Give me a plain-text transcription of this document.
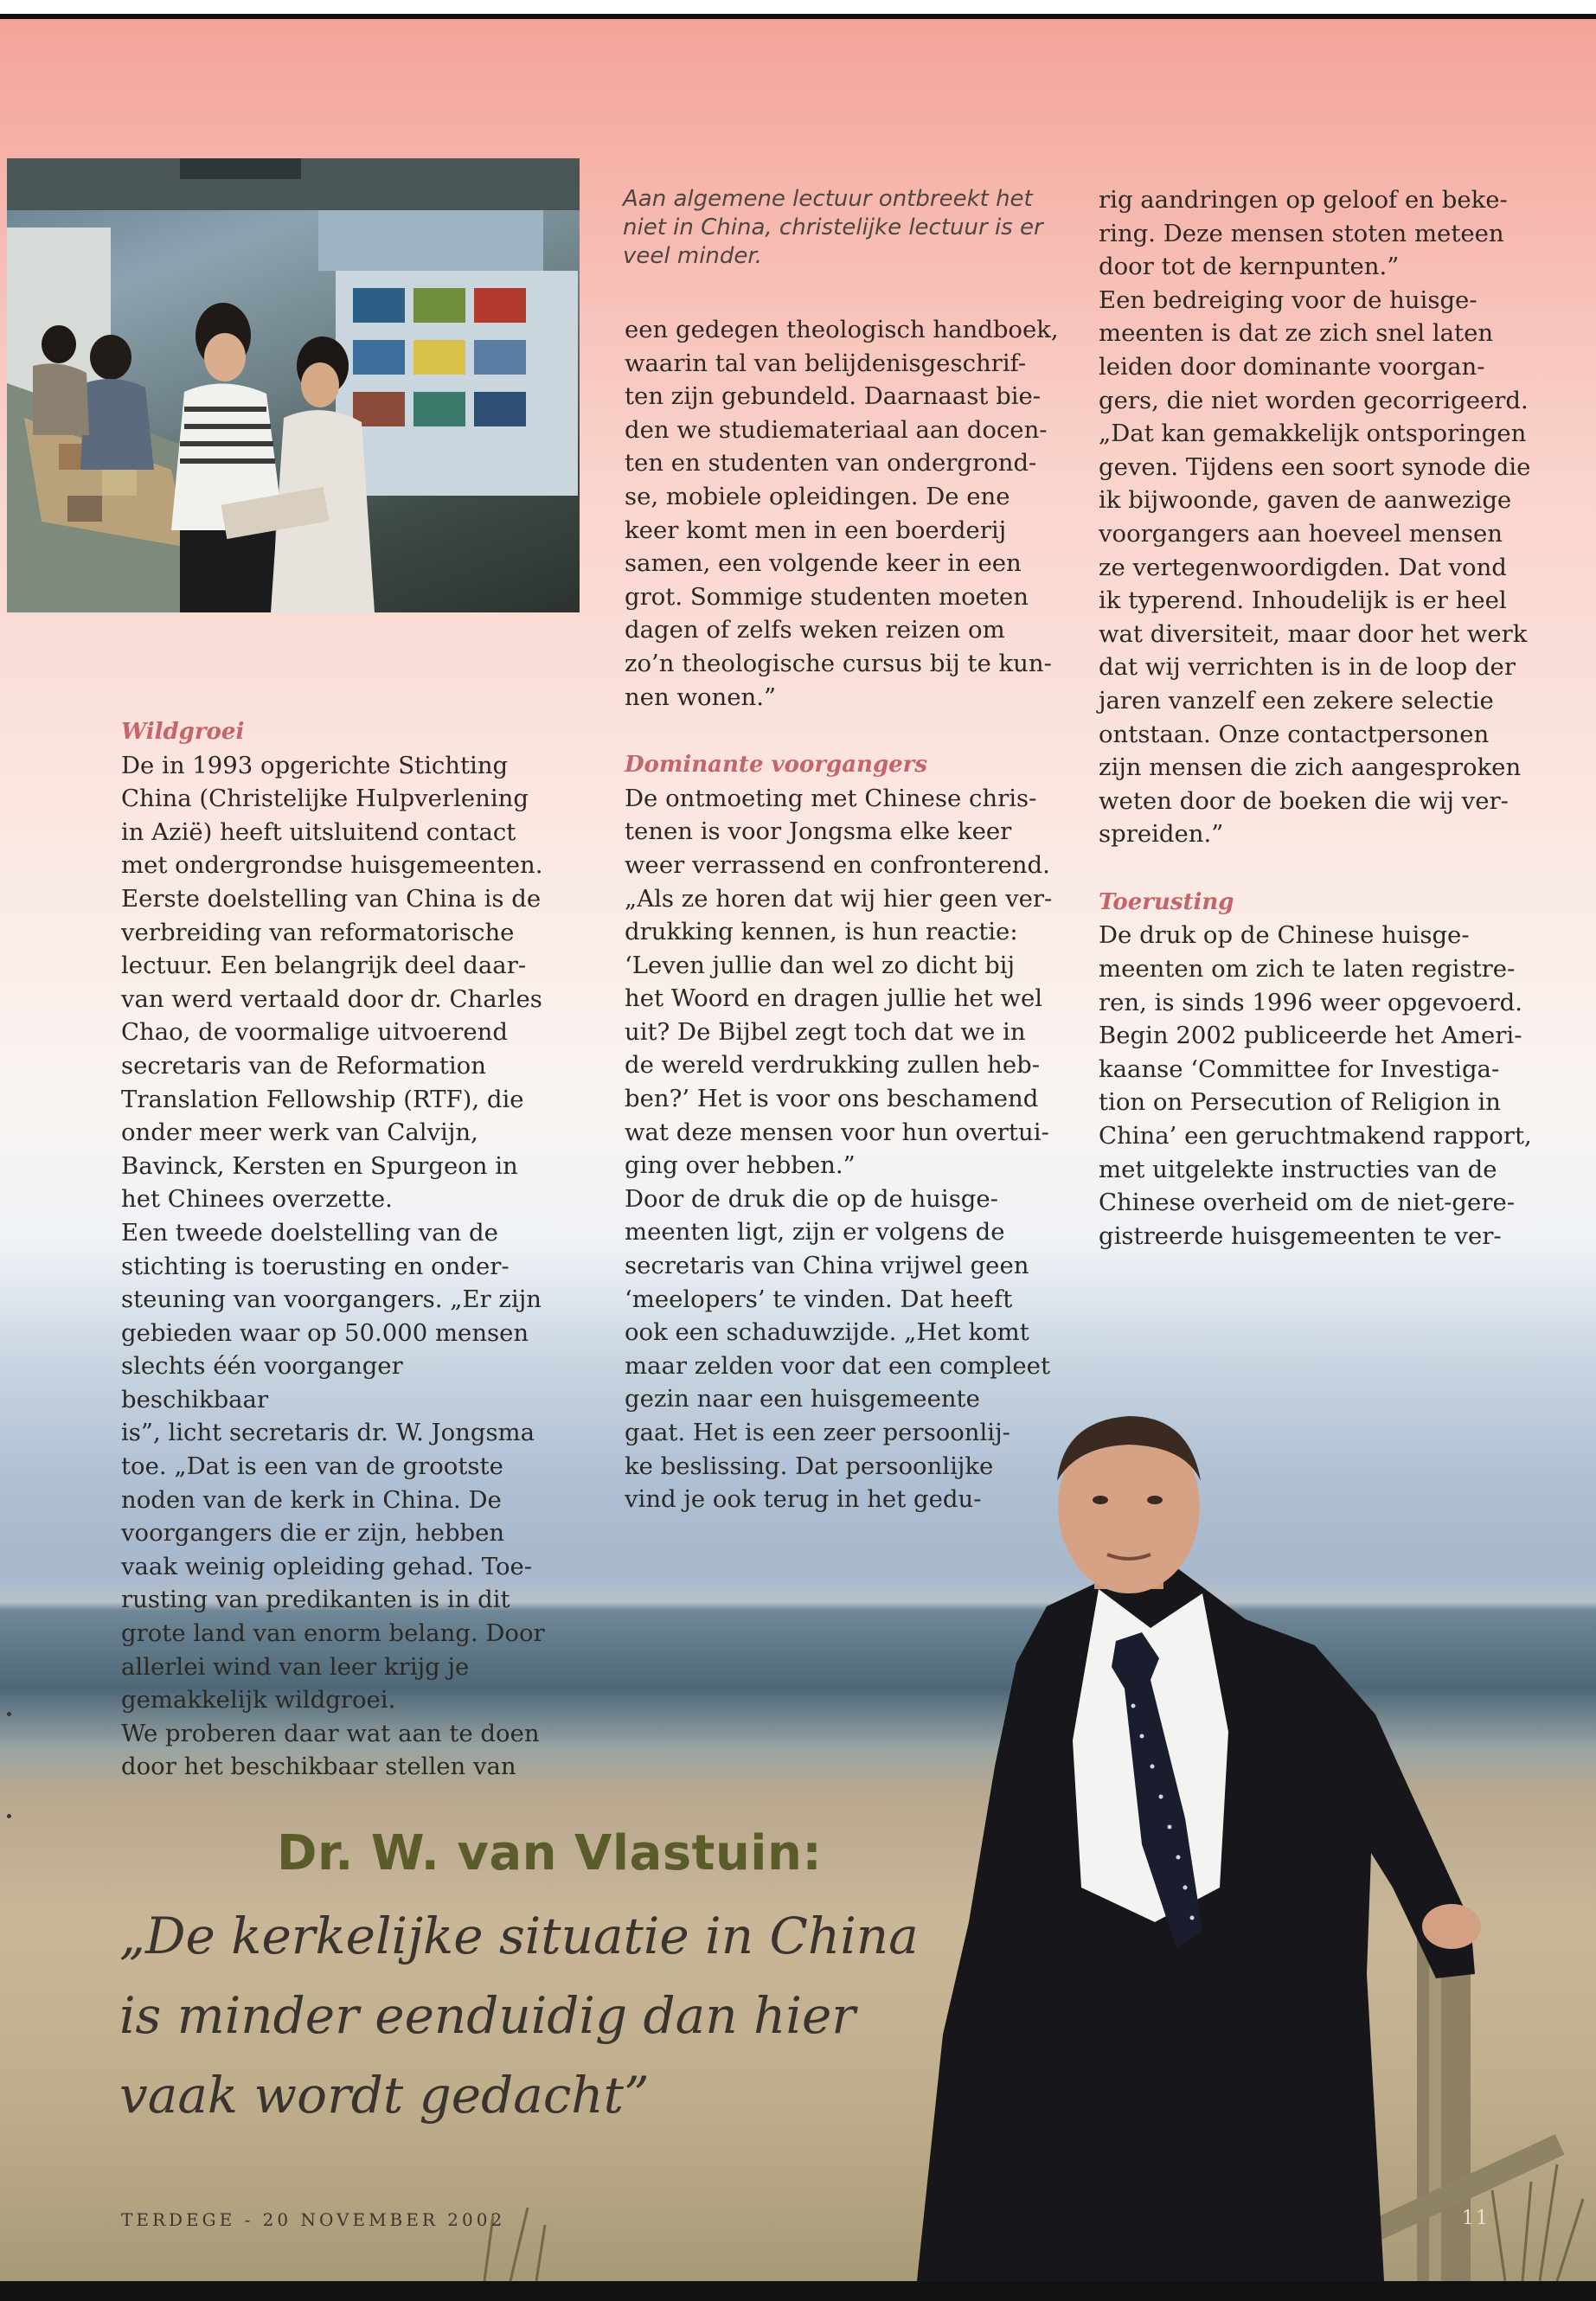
Aan algemene lectuur ontbreekt het niet in China, christelijke lectuur is er veel minder.
Wildgroei

De in 1993 opgerichte Stichting

China (Christelijke Hulpverlening

in Azië) heeft uitsluitend contact

met ondergrondse huisgemeenten.

Eerste doelstelling van China is de

verbreiding van reformatorische

lectuur. Een belangrijk deel daar-

van werd vertaald door dr. Charles

Chao, de voormalige uitvoerend

secretaris van de Reformation

Translation Fellowship (RTF), die

onder meer werk van Calvijn,

Bavinck, Kersten en Spurgeon in

het Chinees overzette.

Een tweede doelstelling van de

stichting is toerusting en onder-

steuning van voorgangers. „Er zijn

gebieden waar op 50.000 mensen

slechts één voorganger beschikbaar

is”, licht secretaris dr. W. Jongsma

toe. „Dat is een van de grootste

noden van de kerk in China. De

voorgangers die er zijn, hebben

vaak weinig opleiding gehad. Toe-

rusting van predikanten is in dit

grote land van enorm belang. Door

allerlei wind van leer krijg je

gemakkelijk wildgroei.

We proberen daar wat aan te doen

door het beschikbaar stellen van

een gedegen theologisch handboek,

waarin tal van belijdenisgeschrif-

ten zijn gebundeld. Daarnaast bie-

den we studiemateriaal aan docen-

ten en studenten van ondergrond-

se, mobiele opleidingen. De ene

keer komt men in een boerderij

samen, een volgende keer in een

grot. Sommige studenten moeten

dagen of zelfs weken reizen om

zo’n theologische cursus bij te kun-

nen wonen.”

Dominante voorgangers

De ontmoeting met Chinese chris-

tenen is voor Jongsma elke keer

weer verrassend en confronterend.

„Als ze horen dat wij hier geen ver-

drukking kennen, is hun reactie:

‘Leven jullie dan wel zo dicht bij

het Woord en dragen jullie het wel

uit? De Bijbel zegt toch dat we in

de wereld verdrukking zullen heb-

ben?’ Het is voor ons beschamend

wat deze mensen voor hun overtui-

ging over hebben.”

Door de druk die op de huisge-

meenten ligt, zijn er volgens de

secretaris van China vrijwel geen

‘meelopers’ te vinden. Dat heeft

ook een schaduwzijde. „Het komt

maar zelden voor dat een compleet

gezin naar een huisgemeente

gaat. Het is een zeer persoonlij-

ke beslissing. Dat persoonlijke

vind je ook terug in het gedu-

rig aandringen op geloof en beke-

ring. Deze mensen stoten meteen

door tot de kernpunten.”

Een bedreiging voor de huisge-

meenten is dat ze zich snel laten

leiden door dominante voorgan-

gers, die niet worden gecorrigeerd.

„Dat kan gemakkelijk ontsporingen

geven. Tijdens een soort synode die

ik bijwoonde, gaven de aanwezige

voorgangers aan hoeveel mensen

ze vertegenwoordigden. Dat vond

ik typerend. Inhoudelijk is er heel

wat diversiteit, maar door het werk

dat wij verrichten is in de loop der

jaren vanzelf een zekere selectie

ontstaan. Onze contactpersonen

zijn mensen die zich aangesproken

weten door de boeken die wij ver-

spreiden.”

Toerusting

De druk op de Chinese huisge-

meenten om zich te laten registre-

ren, is sinds 1996 weer opgevoerd.

Begin 2002 publiceerde het Ameri-

kaanse ‘Committee for Investiga-

tion on Persecution of Religion in

China’ een geruchtmakend rapport,

met uitgelekte instructies van de

Chinese overheid om de niet-gere-

gistreerde huisgemeenten te ver-

Dr. W. van Vlastuin:
„De kerkelijke situatie in China
is minder eenduidig dan hier
vaak wordt gedacht”
TERDEGE - 20 NOVEMBER 2002	11
